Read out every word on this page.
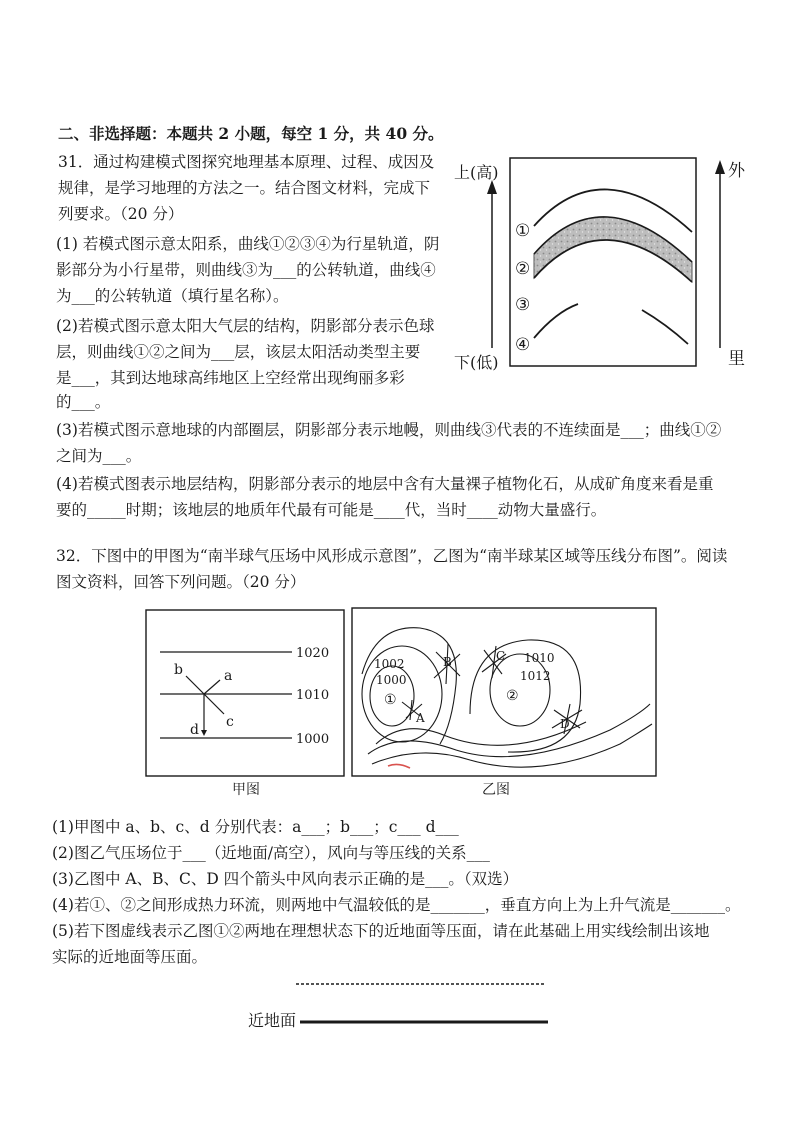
二、非选择题：本题共 2 小题，每空 1 分，共 40 分。
31．通过构建模式图探究地理基本原理、过程、成因及
规律，是学习地理的方法之一。结合图文材料，完成下
列要求。（20 分）
(1) 若模式图示意太阳系，曲线①②③④为行星轨道，阴
影部分为小行星带，则曲线③为___的公转轨道，曲线④
为___的公转轨道（填行星名称）。
(2)若模式图示意太阳大气层的结构，阴影部分表示色球
层，则曲线①②之间为___层，该层太阳活动类型主要
是___，其到达地球高纬地区上空经常出现绚丽多彩
的___。
(3)若模式图示意地球的内部圈层，阴影部分表示地幔，则曲线③代表的不连续面是___；曲线①②
之间为___。
(4)若模式图表示地层结构，阴影部分表示的地层中含有大量裸子植物化石，从成矿角度来看是重
要的_____时期；该地层的地质年代最有可能是____代，当时____动物大量盛行。
上(高)
下(低)
外
里
①
②
③
④
32．下图中的甲图为“南半球气压场中风形成示意图”，乙图为“南半球某区域等压线分布图”。阅读
图文资料，回答下列问题。（20 分）
1020
1010
1000
a
b
c
d
甲图
1002
1000
1010
1012
①	②
A
B	C
D
乙图
(1)甲图中 a、b、c、d 分别代表：a___；b___；c___ d___
(2)图乙气压场位于___（近地面/高空），风向与等压线的关系___
(3)乙图中 A、B、C、D 四个箭头中风向表示正确的是___。（双选）
(4)若①、②之间形成热力环流，则两地中气温较低的是_______，垂直方向上为上升气流是_______。
(5)若下图虚线表示乙图①②两地在理想状态下的近地面等压面，请在此基础上用实线绘制出该地
实际的近地面等压面。
近地面
